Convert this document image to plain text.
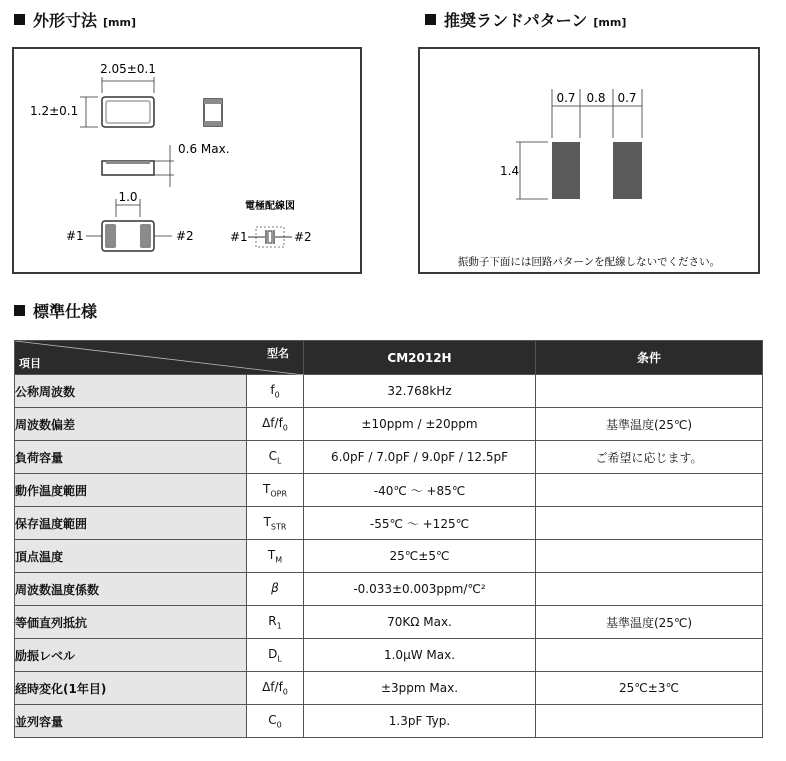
外形寸法 [mm]	推奨ランドパターン [mm]
標準仕様
2.05±0.1
1.2±0.1
0.6 Max.
1.0
#1	#2
電極配線図
#1	#2
0.7 0.8 0.7
1.4
振動子下面には回路パターンを配線しないでください。
型名
項目		CM2012H	条件
公称周波数	$f_0$	32.768kHz	
周波数偏差	$\Delta f/f_0$	±10ppm / ±20ppm	基準温度(25℃)
負荷容量	$C_L$	6.0pF / 7.0pF / 9.0pF / 12.5pF	ご希望に応じます。
動作温度範囲	$T_{OPR}$	-40℃ 〜 +85℃	
保存温度範囲	$T_{STR}$	-55℃ 〜 +125℃	
頂点温度	$T_M$	25℃±5℃	
周波数温度係数	β	-0.033±0.003ppm/℃²	
等価直列抵抗	$R_1$	70KΩ Max.	基準温度(25℃)
励振レベル	$D_L$	1.0μW Max.	
経時変化(1年目)	$\Delta f/f_0$	±3ppm Max.	25℃±3℃
並列容量	$C_0$	1.3pF Typ.	
